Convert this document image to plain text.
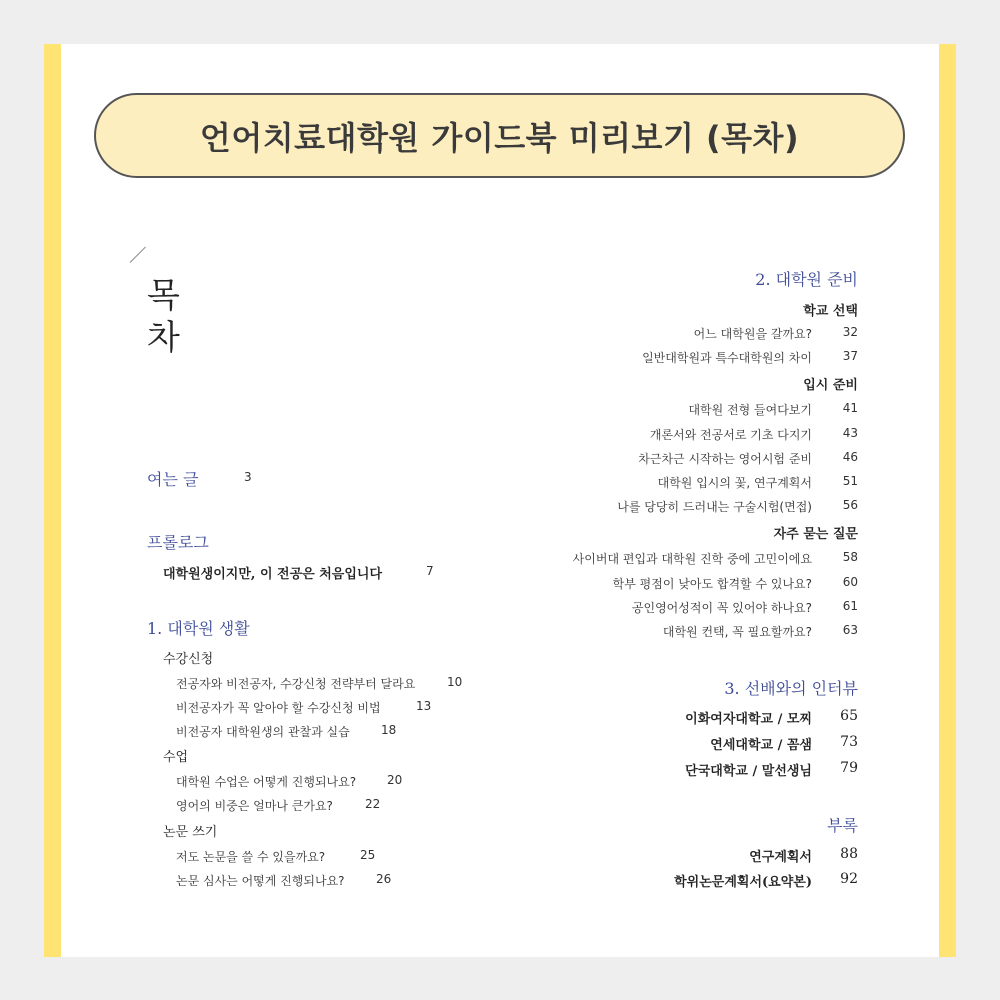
언어치료대학원 가이드북 미리보기 (목차)
목
차
여는 글	3
프롤로그
대학원생이지만, 이 전공은 처음입니다	7
1. 대학원 생활
수강신청
전공자와 비전공자, 수강신청 전략부터 달라요	10
비전공자가 꼭 알아야 할 수강신청 비법	13
비전공자 대학원생의 관찰과 실습	18
수업
대학원 수업은 어떻게 진행되나요?	20
영어의 비중은 얼마나 큰가요?	22
논문 쓰기
저도 논문을 쓸 수 있을까요?	25
논문 심사는 어떻게 진행되나요?	26
2. 대학원 준비
학교 선택
어느 대학원을 갈까요?	32
일반대학원과 특수대학원의 차이	37
입시 준비
대학원 전형 들여다보기	41
개론서와 전공서로 기초 다지기	43
차근차근 시작하는 영어시험 준비	46
대학원 입시의 꽃, 연구계획서	51
나를 당당히 드러내는 구술시험(면접)	56
자주 묻는 질문
사이버대 편입과 대학원 진학 중에 고민이에요	58
학부 평점이 낮아도 합격할 수 있나요?	60
공인영어성적이 꼭 있어야 하나요?	61
대학원 컨택, 꼭 필요할까요?	63
3. 선배와의 인터뷰
이화여자대학교 / 모찌 65
연세대학교 / 꼼샘 73
단국대학교 / 말선생님 79
부록
연구계획서 88
학위논문계획서(요약본) 92
